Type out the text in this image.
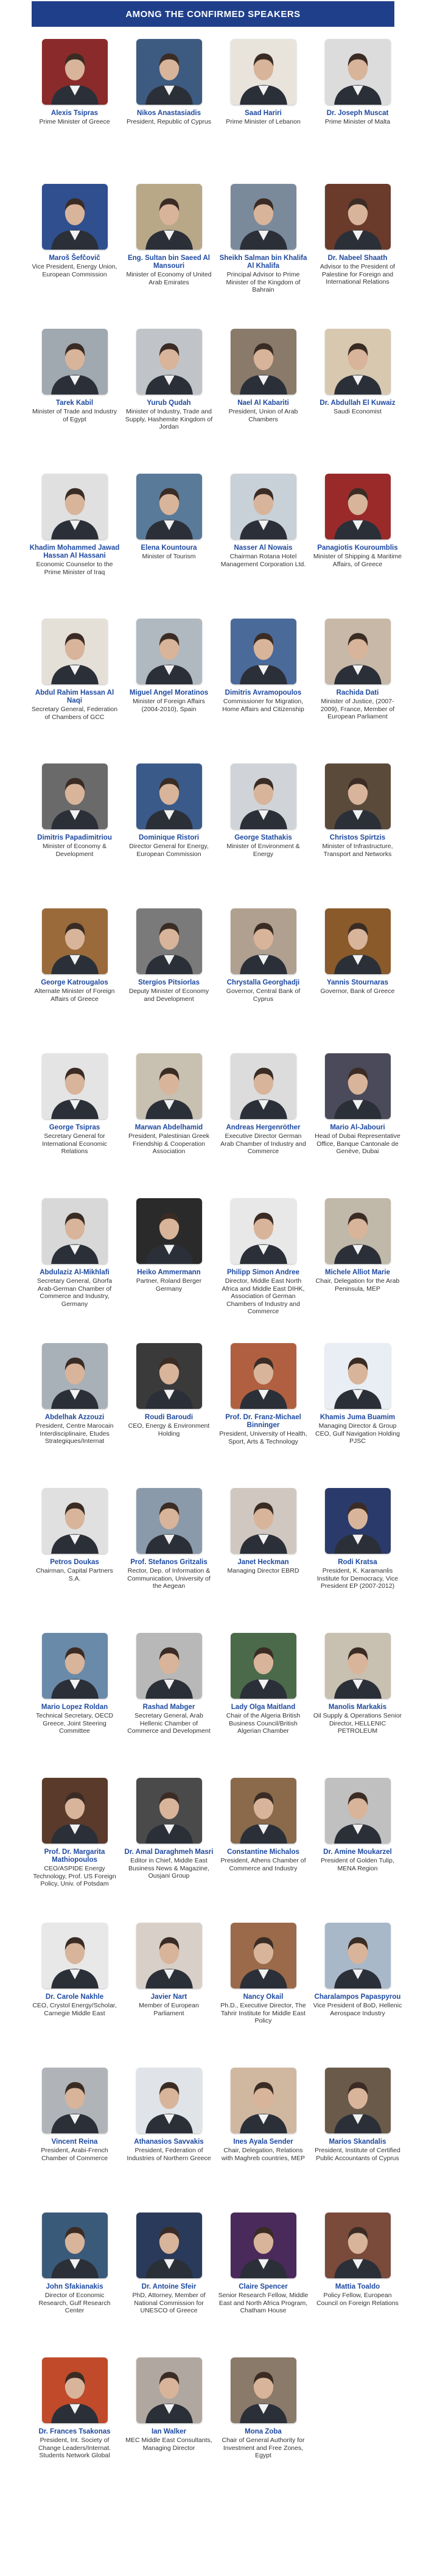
AMONG THE CONFIRMED SPEAKERS
Alexis Tsipras
Prime Minister of Greece
Nikos Anastasiadis
President, Republic of Cyprus
Saad Hariri
Prime Minister of Lebanon
Dr. Joseph Muscat
Prime Minister of Malta
Maroš Šefčovič
Vice President, Energy Union, European Commission
Eng. Sultan bin Saeed Al Mansouri
Minister of Economy of United Arab Emirates
Sheikh Salman bin Khalifa Al Khalifa
Principal Advisor to Prime Minister of the Kingdom of Bahrain
Dr. Nabeel Shaath
Advisor to the President of Palestine for Foreign and International Relations
Tarek Kabil
Minister of Trade and Industry of Egypt
Yurub Qudah
Minister of Industry, Trade and Supply, Hashemite Kingdom of Jordan
Nael Al Kabariti
President, Union of Arab Chambers
Dr. Abdullah El Kuwaiz
Saudi Economist
Khadim Mohammed Jawad Hassan Al Hassani
Economic Counselor to the Prime Minister of Iraq
Elena Kountoura
Minister of Tourism
Nasser Al Nowais
Chairman Rotana Hotel Management Corporation Ltd.
Panagiotis Kouroumblis
Minister of Shipping & Maritime Affairs, of Greece
Abdul Rahim Hassan Al Naqi
Secretary General, Federation of Chambers of GCC
Miguel Angel Moratinos
Minister of Foreign Affairs (2004-2010), Spain
Dimitris Avramopoulos
Commissioner for Migration, Home Affairs and Citizenship
Rachida Dati
Minister of Justice, (2007-2009), France, Member of European Parliament
Dimitris Papadimitriou
Minister of Economy & Development
Dominique Ristori
Director General for Energy, European Commission
George Stathakis
Minister of Environment & Energy
Christos Spirtzis
Minister of Infrastructure, Transport and Networks
George Katrougalos
Alternate Minister of Foreign Affairs of Greece
Stergios Pitsiorlas
Deputy Minister of Economy and Development
Chrystalla Georghadji
Governor, Central Bank of Cyprus
Yannis Stournaras
Governor, Bank of Greece
George Tsipras
Secretary General for International Economic Relations
Marwan Abdelhamid
President, Palestinian Greek Friendship & Cooperation Association
Andreas Hergenröther
Executive Director German Arab Chamber of Industry and Commerce
Mario Al-Jabouri
Head of Dubai Representative Office, Banque Cantonale de Genève, Dubai
Abdulaziz Al-Mikhlafi
Secretary General, Ghorfa Arab-German Chamber of Commerce and Industry, Germany
Heiko Ammermann
Partner, Roland Berger Germany
Philipp Simon Andree
Director, Middle East North Africa and Middle East DIHK, Association of German Chambers of Industry and Commerce
Michele Alliot Marie
Chair, Delegation for the Arab Peninsula, MEP
Abdelhak Azzouzi
President, Centre Marocain Interdisciplinaire, Etudes Strategiques/Internat
Roudi Baroudi
CEO, Energy & Environment Holding
Prof. Dr. Franz-Michael Binninger
President, University of Health, Sport, Arts & Technology
Khamis Juma Buamim
Managing Director & Group CEO, Gulf Navigation Holding PJSC
Petros Doukas
Chairman, Capital Partners S.A.
Prof. Stefanos Gritzalis
Rector, Dep. of Information & Communication, University of the Aegean
Janet Heckman
Managing Director EBRD
Rodi Kratsa
President, K. Karamanlis Institute for Democracy, Vice President EP (2007-2012)
Mario Lopez Roldan
Technical Secretary, OECD Greece, Joint Steering Committee
Rashad Mabger
Secretary General, Arab Hellenic Chamber of Commerce and Development
Lady Olga Maitland
Chair of the Algeria British Business Council/British Algerian Chamber
Manolis Markakis
Oil Supply & Operations Senior Director, HELLENIC PETROLEUM
Prof. Dr. Margarita Mathiopoulos
CEO/ASPIDE Energy Technology, Prof. US Foreign Policy, Univ. of Potsdam
Dr. Amal Daraghmeh Masri
Editor in Chief, Middle East Business News & Magazine, Ousjani Group
Constantine Michalos
President, Athens Chamber of Commerce and Industry
Dr. Amine Moukarzel
President of Golden Tulip, MENA Region
Dr. Carole Nakhle
CEO, Crystol Energy/Scholar, Carnegie Middle East
Javier Nart
Member of European Parliament
Nancy Okail
Ph.D., Executive Director, The Tahrir Institute for Middle East Policy
Charalampos Papaspyrou
Vice President of BoD, Hellenic Aerospace Industry
Vincent Reina
President, Arabi-French Chamber of Commerce
Athanasios Savvakis
President, Federation of Industries of Northern Greece
Ines Ayala Sender
Chair, Delegation, Relations with Maghreb countries, MEP
Marios Skandalis
President, Institute of Certified Public Accountants of Cyprus
John Sfakianakis
Director of Economic Research, Gulf Research Center
Dr. Antoine Sfeir
PhD, Attorney, Member of National Commission for UNESCO of Greece
Claire Spencer
Senior Research Fellow, Middle East and North Africa Program, Chatham House
Mattia Toaldo
Policy Fellow, European Council on Foreign Relations
Dr. Frances Tsakonas
President, Int. Society of Change Leaders/Internat. Students Network Global
Ian Walker
MEC Middle East Consultants, Managing Director
Mona Zoba
Chair of General Authority for Investment and Free Zones, Egypt
